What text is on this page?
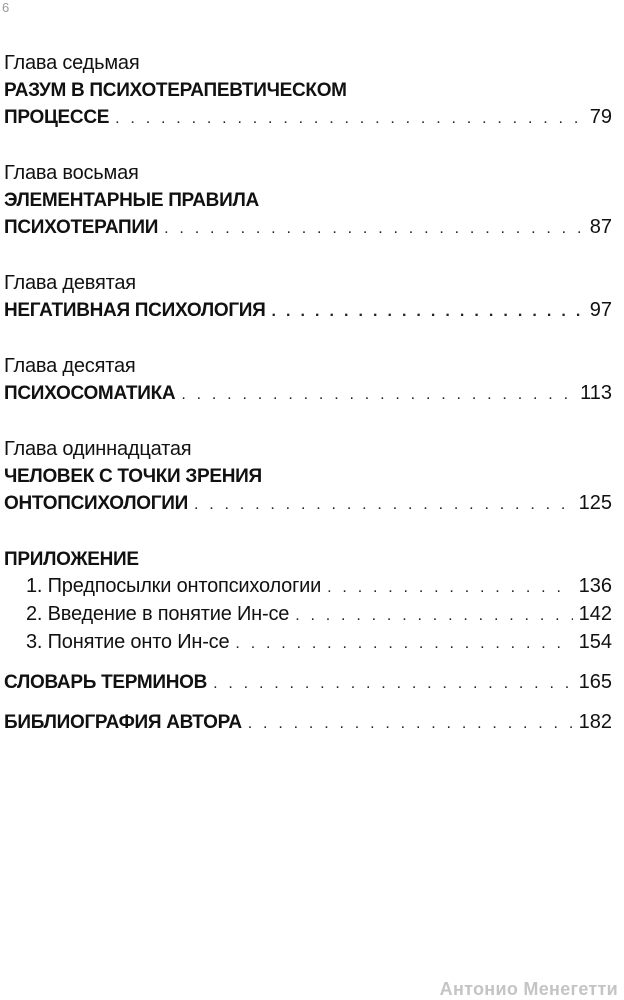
6
Глава седьмая
РАЗУМ В ПСИХОТЕРАПЕВТИЧЕСКОМ
ПРОЦЕССЕ . . .	79
Глава восьмая
ЭЛЕМЕНТАРНЫЕ ПРАВИЛА
ПСИХОТЕРАПИИ . . .	87
Глава девятая
НЕГАТИВНАЯ ПСИХОЛОГИЯ . . .	97
Глава десятая
ПСИХОСОМАТИКА . . .	113
Глава одиннадцатая
ЧЕЛОВЕК С ТОЧКИ ЗРЕНИЯ
ОНТОПСИХОЛОГИИ . . .	125
ПРИЛОЖЕНИЕ
1. Предпосылки онтопсихологии . . .	136
2. Введение в понятие Ин-се . . .	142
3. Понятие онто Ин-се . . .	154
СЛОВАРЬ ТЕРМИНОВ . . .	165
БИБЛИОГРАФИЯ АВТОРА . . .	182
Антонио Менегетти
